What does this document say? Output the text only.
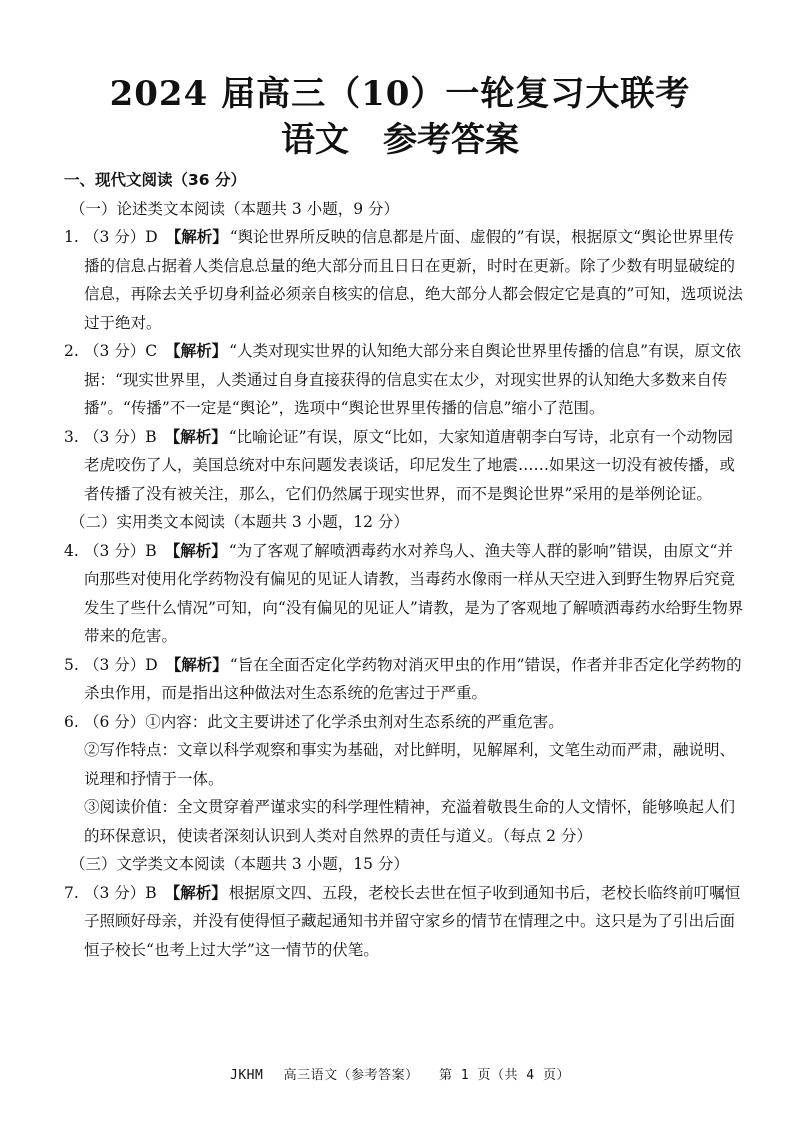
2024 届高三（10）一轮复习大联考
语文　参考答案
一、现代文阅读（36 分）
（一）论述类文本阅读（本题共 3 小题，9 分）
1. （3 分）D 【解析】 “舆论世界所反映的信息都是片面、虚假的”有误，根据原文“舆论世界里传播的信息占据着人类信息总量的绝大部分而且日日在更新，时时在更新。除了少数有明显破绽的信息，再除去关乎切身利益必须亲自核实的信息，绝大部分人都会假定它是真的”可知，选项说法过于绝对。
2. （3 分）C 【解析】 “人类对现实世界的认知绝大部分来自舆论世界里传播的信息”有误，原文依据：“现实世界里，人类通过自身直接获得的信息实在太少，对现实世界的认知绝大多数来自传播”。“传播”不一定是“舆论”，选项中“舆论世界里传播的信息”缩小了范围。
3. （3 分）B 【解析】 “比喻论证”有误，原文“比如，大家知道唐朝李白写诗，北京有一个动物园老虎咬伤了人，美国总统对中东问题发表谈话，印尼发生了地震……如果这一切没有被传播，或者传播了没有被关注，那么，它们仍然属于现实世界，而不是舆论世界”采用的是举例论证。
（二）实用类文本阅读（本题共 3 小题，12 分）
4. （3 分）B 【解析】 “为了客观了解喷洒毒药水对养鸟人、渔夫等人群的影响”错误，由原文“并向那些对使用化学药物没有偏见的见证人请教，当毒药水像雨一样从天空进入到野生物界后究竟发生了些什么情况”可知，向“没有偏见的见证人”请教，是为了客观地了解喷洒毒药水给野生物界带来的危害。
5. （3 分）D 【解析】 “旨在全面否定化学药物对消灭甲虫的作用”错误，作者并非否定化学药物的杀虫作用，而是指出这种做法对生态系统的危害过于严重。
6. （6 分）①内容：此文主要讲述了化学杀虫剂对生态系统的严重危害。
②写作特点：文章以科学观察和事实为基础，对比鲜明，见解犀利，文笔生动而严肃，融说明、说理和抒情于一体。
③阅读价值：全文贯穿着严谨求实的科学理性精神，充溢着敬畏生命的人文情怀，能够唤起人们的环保意识，使读者深刻认识到人类对自然界的责任与道义。（每点 2 分）
（三）文学类文本阅读（本题共 3 小题，15 分）
7. （3 分）B 【解析】 根据原文四、五段，老校长去世在恒子收到通知书后，老校长临终前叮嘱恒子照顾好母亲，并没有使得恒子藏起通知书并留守家乡的情节在情理之中。这只是为了引出后面恒子校长“也考上过大学”这一情节的伏笔。
JKHM 高三语文（参考答案） 第 1 页（共 4 页）
